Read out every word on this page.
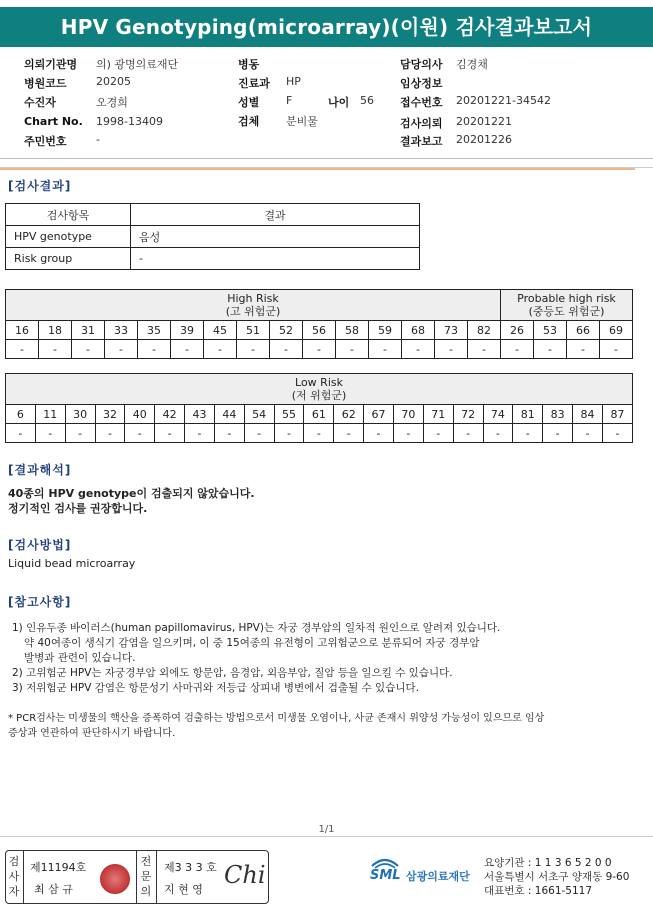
HPV Genotyping(microarray)(이원) 검사결과보고서
의뢰기관명 의) 광명의료재단
병원코드	20205
수진자	오경희
Chart No. 1998-13409
주민번호	-
병동
진료과 HP
성별 F	나이 56
검체 분비물
담당의사 김경채
임상정보
접수번호 20201221-34542
검사의뢰 20201221
결과보고 20201226
[검사결과]
검사항목	결과
HPV genotype	음성
Risk group	-
High Risk
(고 위험군)															Probable high risk
(중등도 위험군)			
16	18	31	33	35	39	45	51	52	56	58	59	68	73	82	26	53	66	69
-	-	-	-	-	-	-	-	-	-	-	-	-	-	-	-	-	-	-
Low Risk
(저 위험군)																				
6	11	30	32	40	42	43	44	54	55	61	62	67	70	71	72	74	81	83	84	87
-	-	-	-	-	-	-	-	-	-	-	-	-	-	-	-	-	-	-	-	-
[결과해석]
40종의 HPV genotype이 검출되지 않았습니다.
정기적인 검사를 권장합니다.
[검사방법]
Liquid bead microarray
[참고사항]
1) 인유두종 바이러스(human papillomavirus, HPV)는 자궁 경부암의 일차적 원인으로 알려져 있습니다.
약 40여종이 생식기 감염을 일으키며, 이 중 15여종의 유전형이 고위험군으로 분류되어 자궁 경부암
발병과 관련이 있습니다.
2) 고위험군 HPV는 자궁경부암 외에도 항문암, 음경암, 외음부암, 질암 등을 일으킬 수 있습니다.
3) 저위험군 HPV 감염은 항문성기 사마귀와 저등급 상피내 병변에서 검출될 수 있습니다.
* PCR검사는 미생물의 핵산을 증폭하여 검출하는 방법으로서 미생물 오염이나, 사균 존재시 위양성 가능성이 있으므로 임상
증상과 연관하여 판단하시기 바랍니다.
1/1
검사자
제11194호
최 삼 규
전문의
제3 3 3 호
지 현 영
Chi	SML 삼광의료재단
요양기관 : 1 1 3 6 5 2 0 0
서울특별시 서초구 양재동 9-60
대표번호 : 1661-5117
